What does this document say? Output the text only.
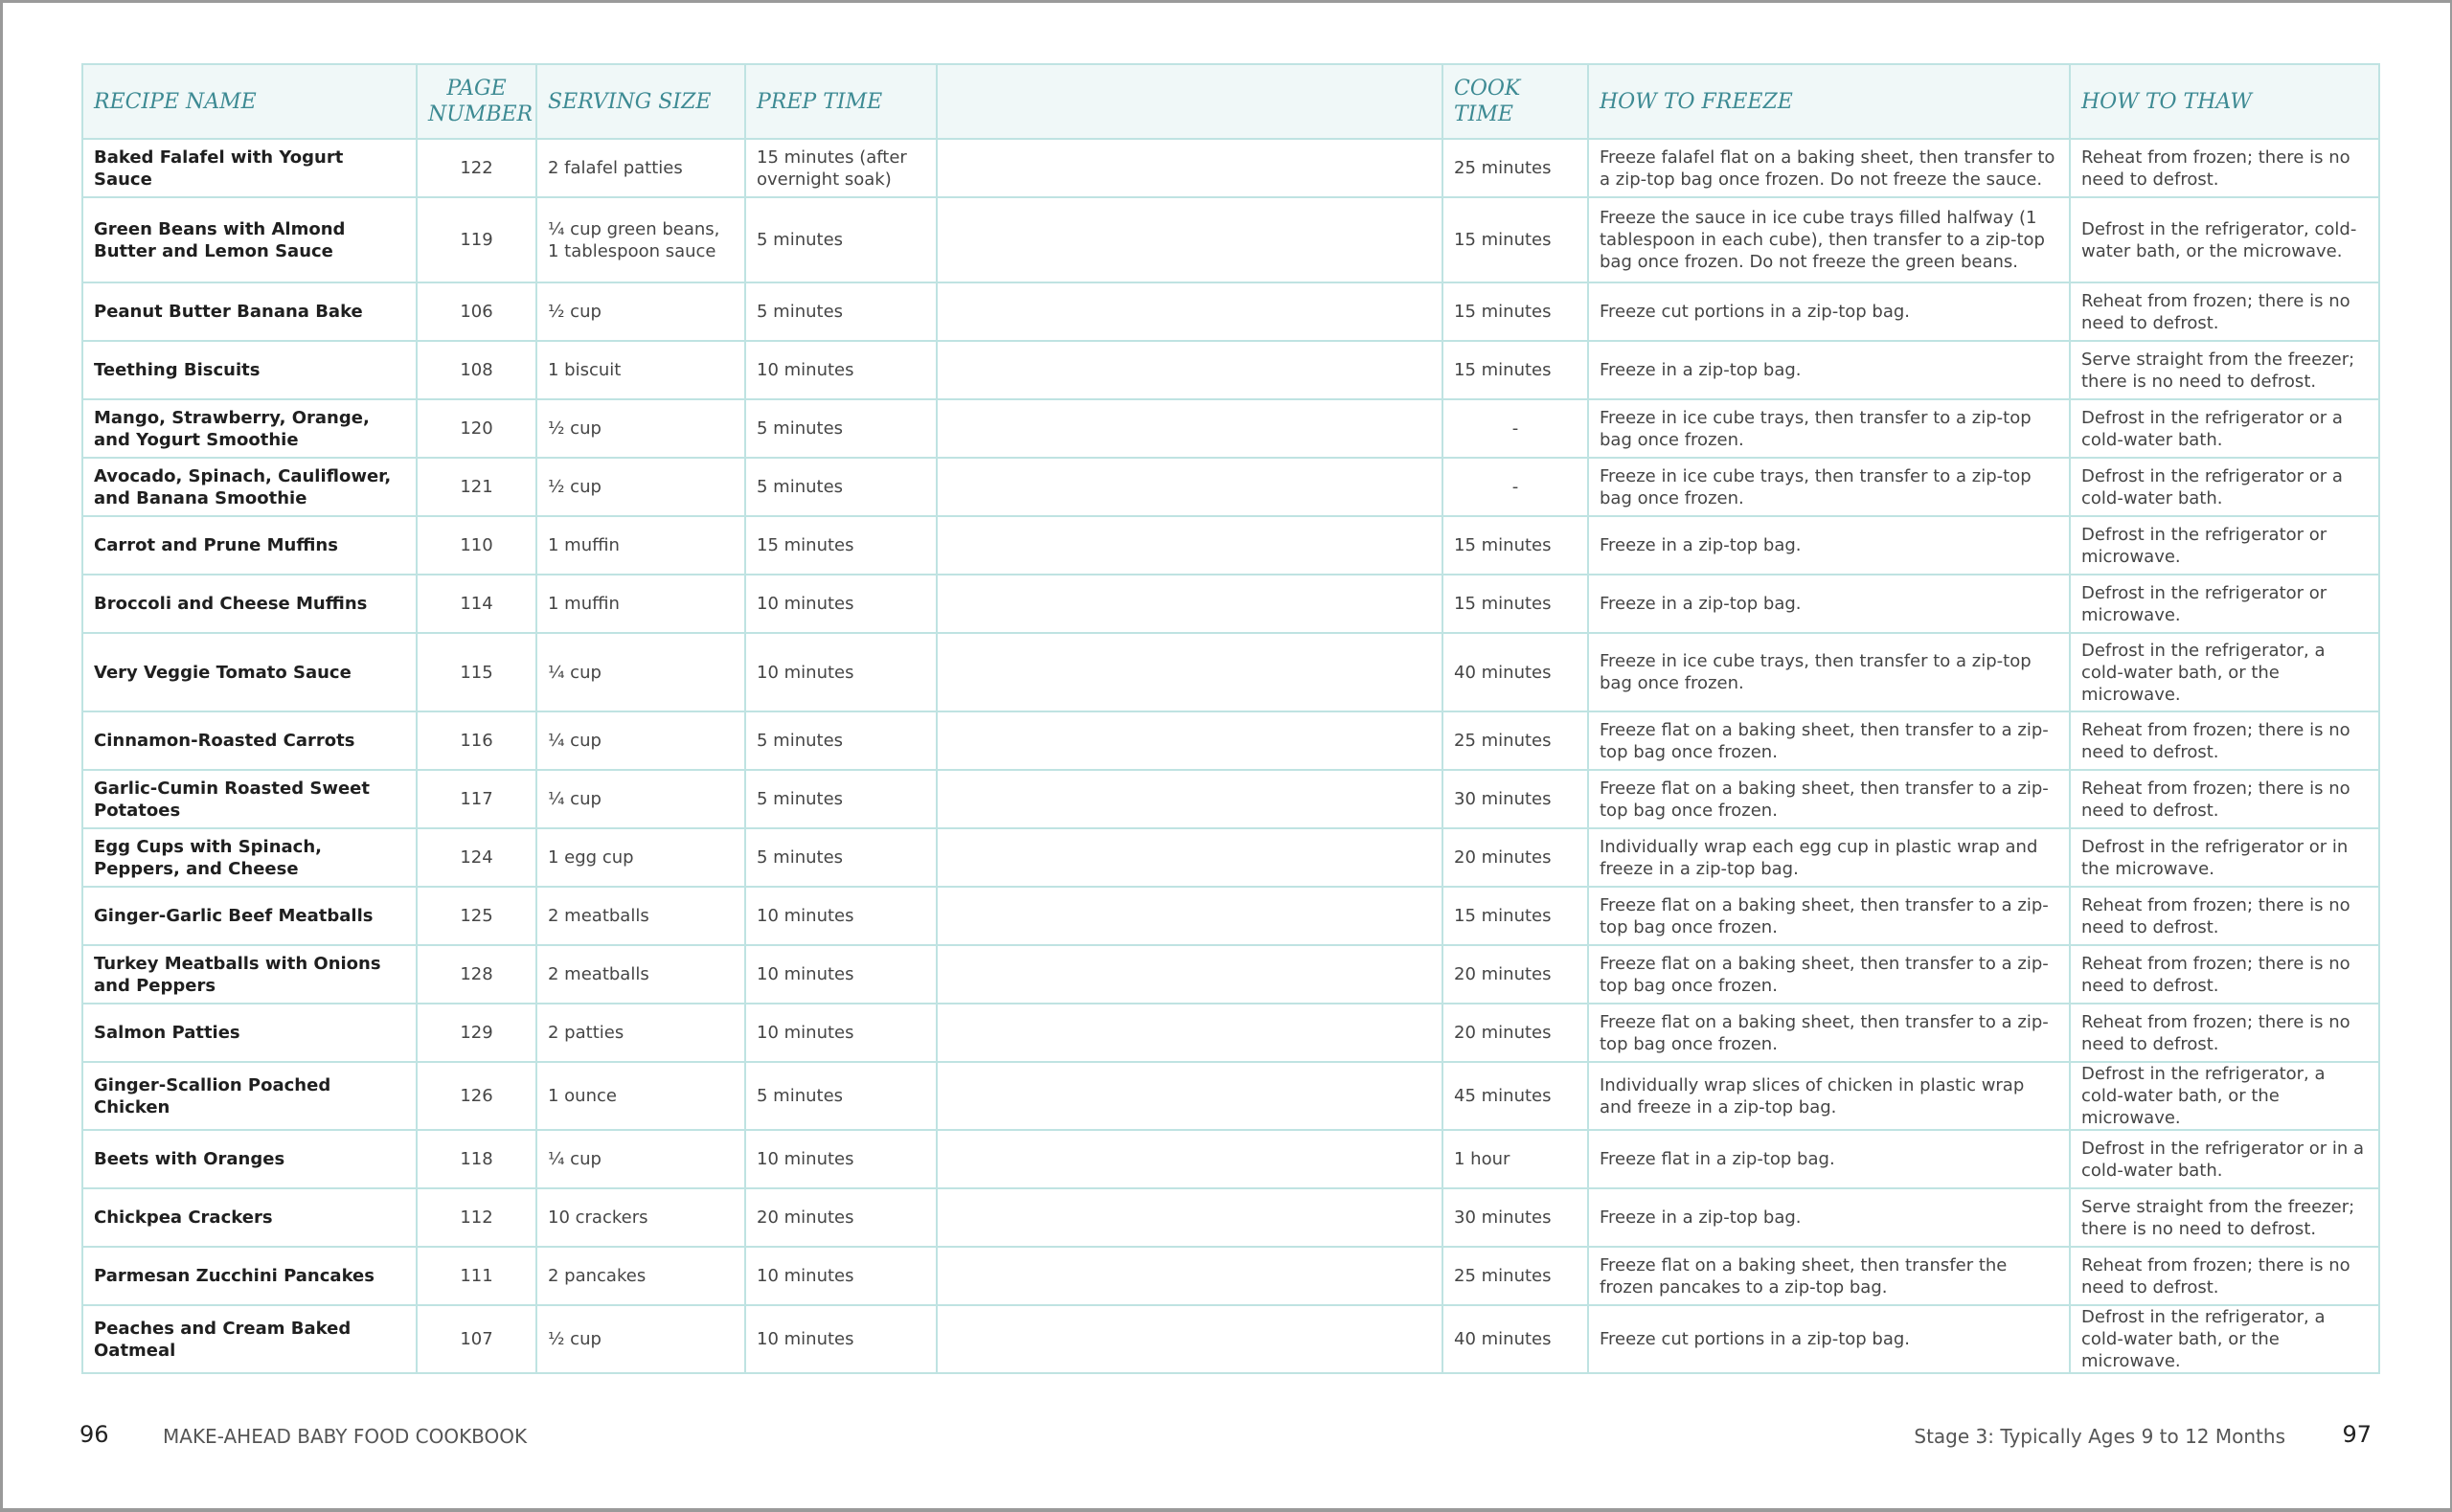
RECIPE NAME	PAGE NUMBER	SERVING SIZE	PREP TIME		COOK TIME	HOW TO FREEZE	HOW TO THAW
Baked Falafel with Yogurt Sauce	122	2 falafel patties	15 minutes (after overnight soak)		25 minutes	Freeze falafel flat on a baking sheet, then transfer to a zip-top bag once frozen. Do not freeze the sauce.	Reheat from frozen; there is no need to defrost.
Green Beans with Almond Butter and Lemon Sauce	119	¼ cup green beans, 1 tablespoon sauce	5 minutes		15 minutes	Freeze the sauce in ice cube trays filled halfway (1 tablespoon in each cube), then transfer to a zip-top bag once frozen. Do not freeze the green beans.	Defrost in the refrigerator, cold-water bath, or the microwave.
Peanut Butter Banana Bake	106	½ cup	5 minutes		15 minutes	Freeze cut portions in a zip-top bag.	Reheat from frozen; there is no need to defrost.
Teething Biscuits	108	1 biscuit	10 minutes		15 minutes	Freeze in a zip-top bag.	Serve straight from the freezer; there is no need to defrost.
Mango, Strawberry, Orange, and Yogurt Smoothie	120	½ cup	5 minutes		-	Freeze in ice cube trays, then transfer to a zip-top bag once frozen.	Defrost in the refrigerator or a cold-water bath.
Avocado, Spinach, Cauliflower, and Banana Smoothie	121	½ cup	5 minutes		-	Freeze in ice cube trays, then transfer to a zip-top bag once frozen.	Defrost in the refrigerator or a cold-water bath.
Carrot and Prune Muffins	110	1 muffin	15 minutes		15 minutes	Freeze in a zip-top bag.	Defrost in the refrigerator or microwave.
Broccoli and Cheese Muffins	114	1 muffin	10 minutes		15 minutes	Freeze in a zip-top bag.	Defrost in the refrigerator or microwave.
Very Veggie Tomato Sauce	115	¼ cup	10 minutes		40 minutes	Freeze in ice cube trays, then transfer to a zip-top bag once frozen.	Defrost in the refrigerator, a cold-water bath, or the microwave.
Cinnamon-Roasted Carrots	116	¼ cup	5 minutes		25 minutes	Freeze flat on a baking sheet, then transfer to a zip-top bag once frozen.	Reheat from frozen; there is no need to defrost.
Garlic-Cumin Roasted Sweet Potatoes	117	¼ cup	5 minutes		30 minutes	Freeze flat on a baking sheet, then transfer to a zip-top bag once frozen.	Reheat from frozen; there is no need to defrost.
Egg Cups with Spinach, Peppers, and Cheese	124	1 egg cup	5 minutes		20 minutes	Individually wrap each egg cup in plastic wrap and freeze in a zip-top bag.	Defrost in the refrigerator or in the microwave.
Ginger-Garlic Beef Meatballs	125	2 meatballs	10 minutes		15 minutes	Freeze flat on a baking sheet, then transfer to a zip-top bag once frozen.	Reheat from frozen; there is no need to defrost.
Turkey Meatballs with Onions and Peppers	128	2 meatballs	10 minutes		20 minutes	Freeze flat on a baking sheet, then transfer to a zip-top bag once frozen.	Reheat from frozen; there is no need to defrost.
Salmon Patties	129	2 patties	10 minutes		20 minutes	Freeze flat on a baking sheet, then transfer to a zip-top bag once frozen.	Reheat from frozen; there is no need to defrost.
Ginger-Scallion Poached Chicken	126	1 ounce	5 minutes		45 minutes	Individually wrap slices of chicken in plastic wrap and freeze in a zip-top bag.	Defrost in the refrigerator, a cold-water bath, or the microwave.
Beets with Oranges	118	¼ cup	10 minutes		1 hour	Freeze flat in a zip-top bag.	Defrost in the refrigerator or in a cold-water bath.
Chickpea Crackers	112	10 crackers	20 minutes		30 minutes	Freeze in a zip-top bag.	Serve straight from the freezer; there is no need to defrost.
Parmesan Zucchini Pancakes	111	2 pancakes	10 minutes		25 minutes	Freeze flat on a baking sheet, then transfer the frozen pancakes to a zip-top bag.	Reheat from frozen; there is no need to defrost.
Peaches and Cream Baked Oatmeal	107	½ cup	10 minutes		40 minutes	Freeze cut portions in a zip-top bag.	Defrost in the refrigerator, a cold-water bath, or the microwave.
96	MAKE-AHEAD BABY FOOD COOKBOOK	Stage 3: Typically Ages 9 to 12 Months 97
